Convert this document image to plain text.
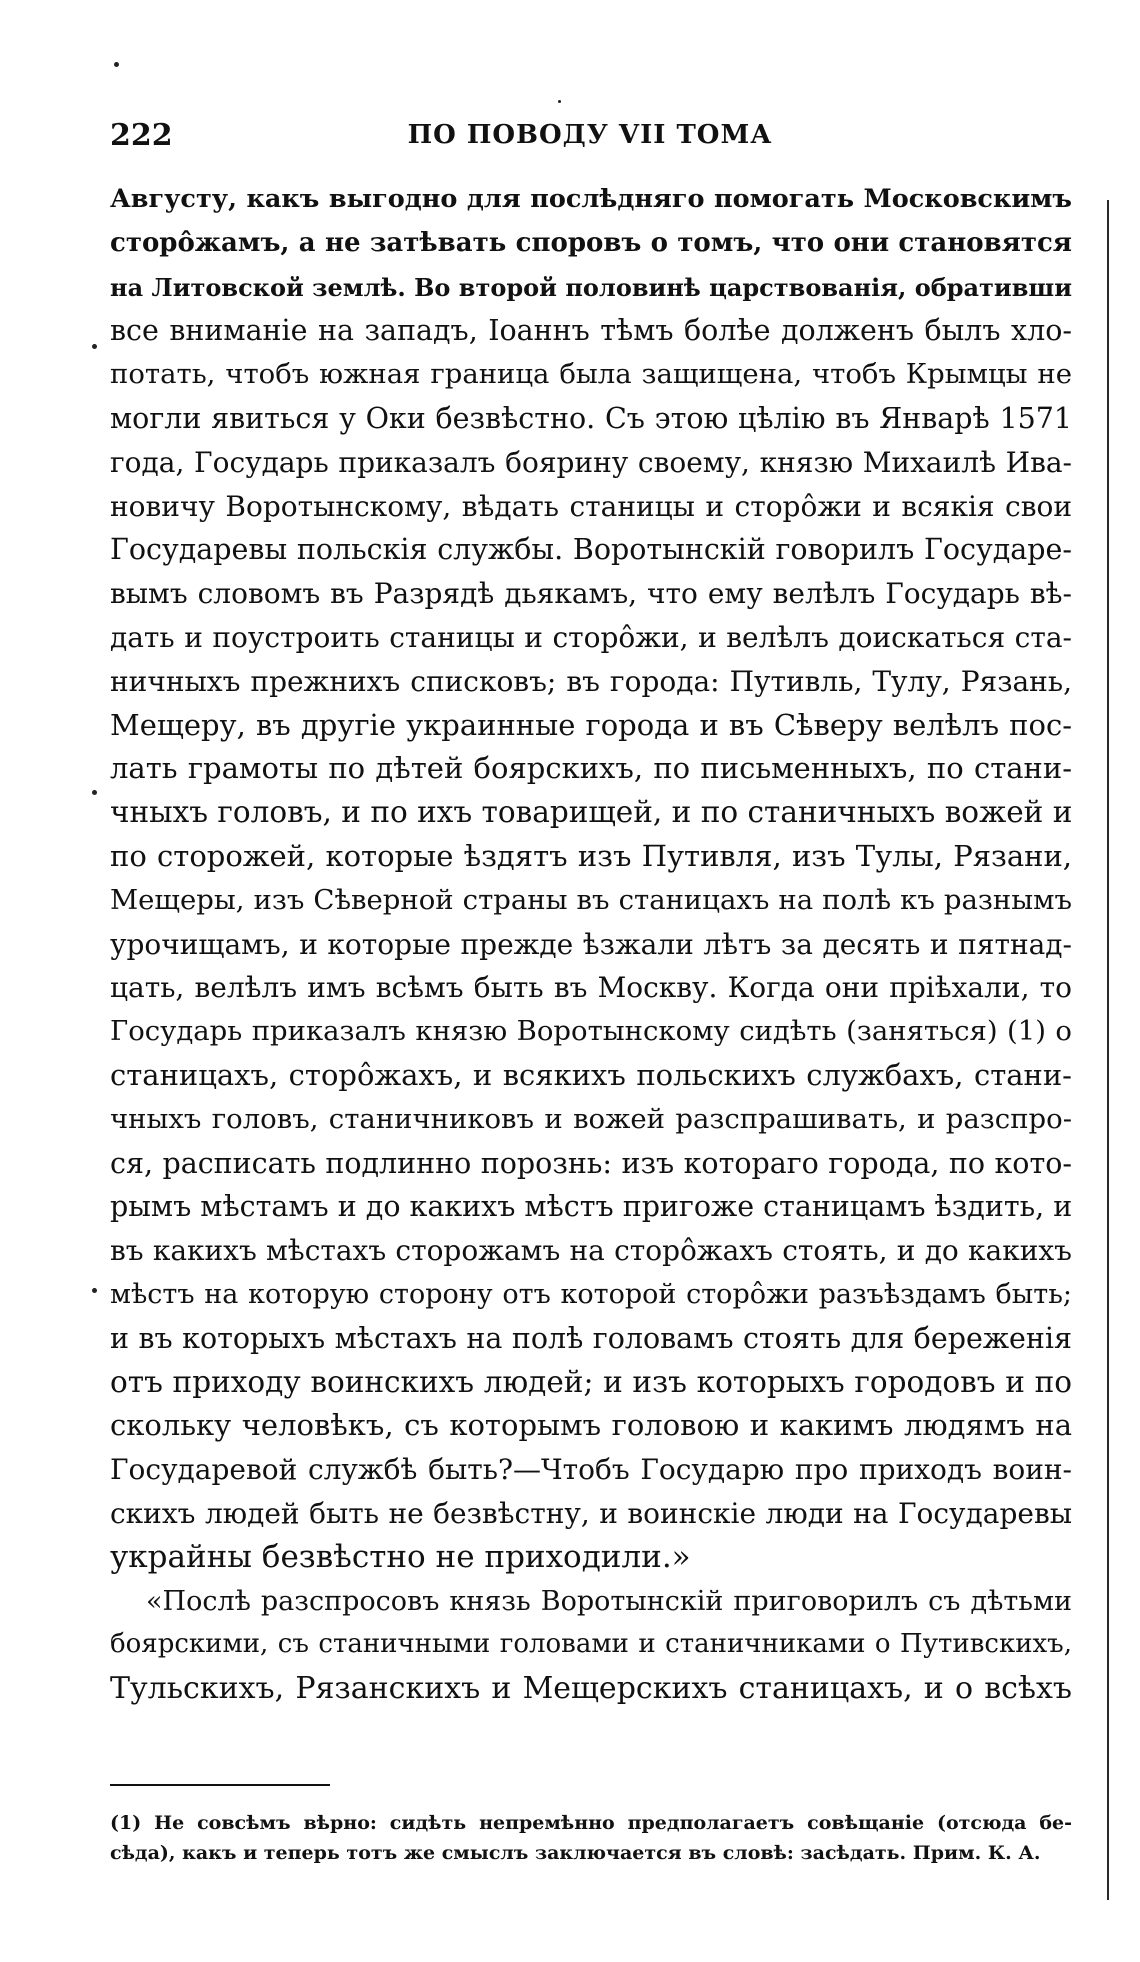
222	ПО ПОВОДУ VII ТОМА
Августу, какъ выгодно для послѣдняго помогать Московскимъ
сторо̂жамъ, а не затѣвать споровъ о томъ, что они становятся
на Литовской землѣ. Во второй половинѣ царствованія, обративши
все вниманіе на западъ, Іоаннъ тѣмъ болѣе долженъ былъ хло-
потать, чтобъ южная граница была защищена, чтобъ Крымцы не
могли явиться у Оки безвѣстно. Съ этою цѣлію въ Январѣ 1571
года, Государь приказалъ боярину своему, князю Михаилѣ Ива-
новичу Воротынскому, вѣдать станицы и сторо̂жи и всякія свои
Государевы польскія службы. Воротынскій говорилъ Государе-
вымъ словомъ въ Разрядѣ дьякамъ, что ему велѣлъ Государь вѣ-
дать и поустроить станицы и сторо̂жи, и велѣлъ доискаться ста-
ничныхъ прежнихъ списковъ; въ города: Путивль, Тулу, Рязань,
Мещеру, въ другіе украинные города и въ Сѣверу велѣлъ пос-
лать грамоты по дѣтей боярскихъ, по письменныхъ, по стани-
чныхъ головъ, и по ихъ товарищей, и по станичныхъ вожей и
по сторожей, которые ѣздятъ изъ Путивля, изъ Тулы, Рязани,
Мещеры, изъ Сѣверной страны въ станицахъ на полѣ къ разнымъ
урочищамъ, и которые прежде ѣзжали лѣтъ за десять и пятнад-
цать, велѣлъ имъ всѣмъ быть въ Москву. Когда они пріѣхали, то
Государь приказалъ князю Воротынскому сидѣть (заняться) (1) о
станицахъ, сторо̂жахъ, и всякихъ польскихъ службахъ, стани-
чныхъ головъ, станичниковъ и вожей разспрашивать, и разспро-
ся, расписать подлинно порознь: изъ котораго города, по кото-
рымъ мѣстамъ и до какихъ мѣстъ пригоже станицамъ ѣздить, и
въ какихъ мѣстахъ сторожамъ на сторо̂жахъ стоять, и до какихъ
мѣстъ на которую сторону отъ которой сторо̂жи разъѣздамъ быть;
и въ которыхъ мѣстахъ на полѣ головамъ стоять для береженія
отъ приходу воинскихъ людей; и изъ которыхъ городовъ и по
скольку человѣкъ, съ которымъ головою и какимъ людямъ на
Государевой службѣ быть?—Чтобъ Государю про приходъ воин-
скихъ людей быть не безвѣстну, и воинскіе люди на Государевы
украйны безвѣстно не приходили.»
«Послѣ разспросовъ князь Воротынскій приговорилъ съ дѣтьми
боярскими, съ станичными головами и станичниками о Путивскихъ,
Тульскихъ, Рязанскихъ и Мещерскихъ станицахъ, и о всѣхъ
(1) Не совсѣмъ вѣрно: сидѣть непремѣнно предполагаетъ совѣщаніе (отсюда бе-
сѣда), какъ и теперь тотъ же смыслъ заключается въ словѣ: засѣдать. Прим. К. А.
